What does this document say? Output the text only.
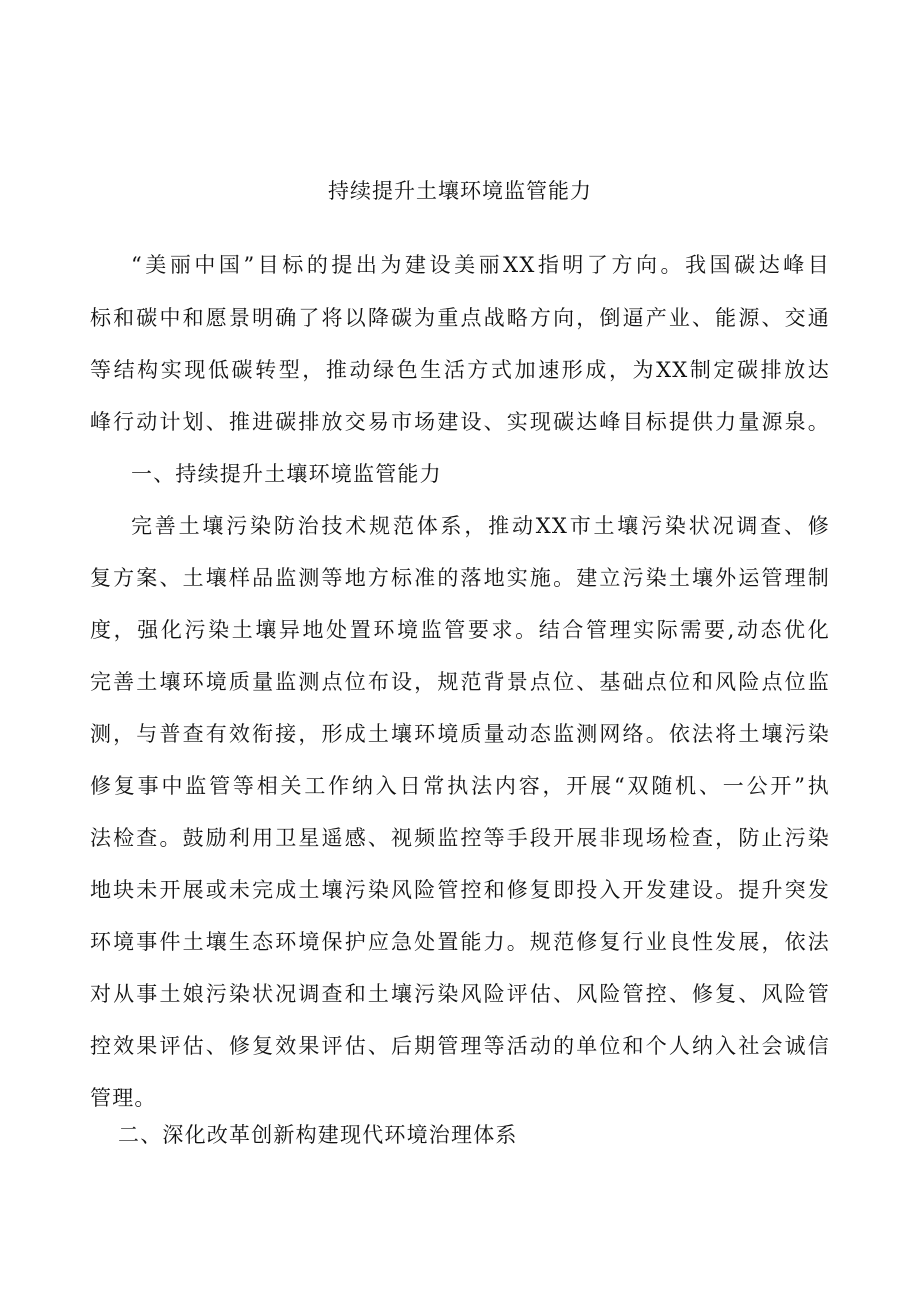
持续提升土壤环境监管能力

“美丽中国”目标的提出为建设美丽XX指明了方向。我国碳达峰目

标和碳中和愿景明确了将以降碳为重点战略方向，倒逼产业、能源、交通

等结构实现低碳转型，推动绿色生活方式加速形成，为XX制定碳排放达

峰行动计划、推进碳排放交易市场建设、实现碳达峰目标提供力量源泉。

一、持续提升土壤环境监管能力

完善土壤污染防治技术规范体系，推动XX市土壤污染状况调查、修

复方案、土壤样品监测等地方标准的落地实施。建立污染土壤外运管理制

度，强化污染土壤异地处置环境监管要求。结合管理实际需要,动态优化

完善土壤环境质量监测点位布设，规范背景点位、基础点位和风险点位监

测，与普查有效衔接，形成土壤环境质量动态监测网络。依法将土壤污染

修复事中监管等相关工作纳入日常执法内容，开展“双随机、一公开”执

法检查。鼓励利用卫星遥感、视频监控等手段开展非现场检查，防止污染

地块未开展或未完成土壤污染风险管控和修复即投入开发建设。提升突发

环境事件土壤生态环境保护应急处置能力。规范修复行业良性发展，依法

对从事土娘污染状况调查和土壤污染风险评估、风险管控、修复、风险管

控效果评估、修复效果评估、后期管理等活动的单位和个人纳入社会诚信

管理。

二、深化改革创新构建现代环境治理体系
